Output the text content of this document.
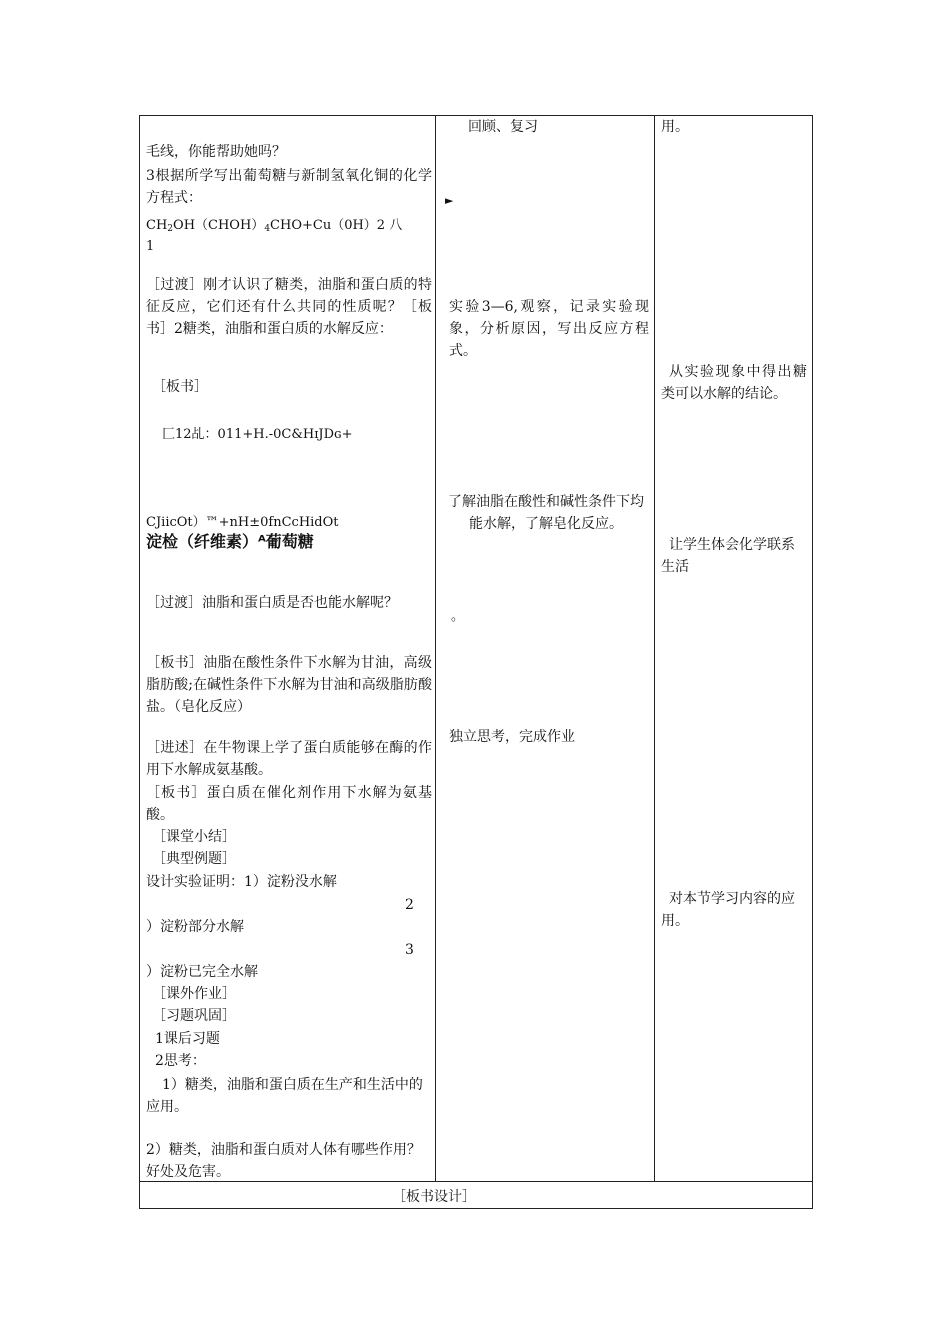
毛线，你能帮助她吗？
3根据所学写出葡萄糖与新制氢氧化铜的化学方程式：
$CH_2OH(CHOH)_4CHO+Cu(0H)2$ 八
1
［过渡］刚才认识了糖类，油脂和蛋白质的特征反应，它们还有什么共同的性质呢？［板书］2糖类，油脂和蛋白质的水解反应：
［板书］
匚12乩：011+H.-0C&HɪJDɢ+
CJiicOt）™+nH±0fnCcHidOt
淀检（纤维素）ᴬ葡萄糖
［过渡］油脂和蛋白质是否也能水解呢？
［板书］油脂在酸性条件下水解为甘油，高级脂肪酸;在碱性条件下水解为甘油和高级脂肪酸盐。（皂化反应）
［进述］在牛物课上学了蛋白质能够在酶的作用下水解成氨基酸。
［板书］蛋白质在催化剂作用下水解为氨基酸。
［课堂小结］
［典型例题］
设计实验证明：1）淀粉没水解
2
）淀粉部分水解
3
）淀粉已完全水解
［课外作业］
［习题巩固］
1课后习题
2思考：
1）糖类，油脂和蛋白质在生产和生活中的应用。
2）糖类，油脂和蛋白质对人体有哪些作用？好处及危害。
回顾、复习
►
实验3—6,观察，记录实验现象，分析原因，写出反应方程式。
了解油脂在酸性和碱性条件下均能水解，了解皂化反应。
。
独立思考，完成作业
用。
从实验现象中得出糖类可以水解的结论。
让学生体会化学联系生活
对本节学习内容的应用。
［板书设计］
